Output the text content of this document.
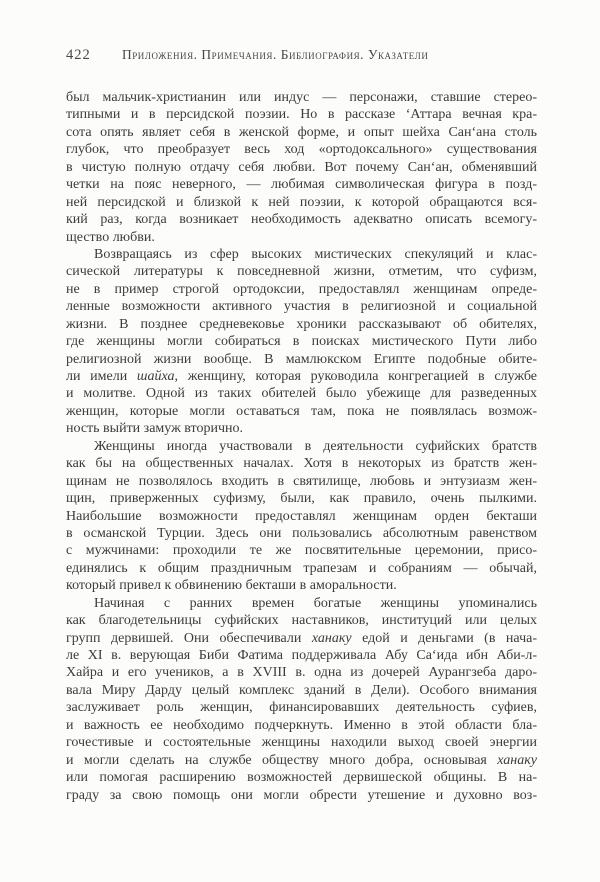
422	Приложения. Примечания. Библиография. Указатели
был мальчик-христианин или индус — персонажи, ставшие стерео-
типными и в персидской поэзии. Но в рассказе ‘Аттара вечная кра-
сота опять являет себя в женской форме, и опыт шейха Сан‘ана столь
глубок, что преобразует весь ход «ортодоксального» существования
в чистую полную отдачу себя любви. Вот почему Сан‘ан, обменявший
четки на пояс неверного, — любимая символическая фигура в позд-
ней персидской и близкой к ней поэзии, к которой обращаются вся-
кий раз, когда возникает необходимость адекватно описать всемогу-
щество любви.
Возвращаясь из сфер высоких мистических спекуляций и клас-
сической литературы к повседневной жизни, отметим, что суфизм,
не в пример строгой ортодоксии, предоставлял женщинам опреде-
ленные возможности активного участия в религиозной и социальной
жизни. В позднее средневековье хроники рассказывают об обителях,
где женщины могли собираться в поисках мистического Пути либо
религиозной жизни вообще. В мамлюкском Египте подобные обите-
ли имели шайха, женщину, которая руководила конгрегацией в службе
и молитве. Одной из таких обителей было убежище для разведенных
женщин, которые могли оставаться там, пока не появлялась возмож-
ность выйти замуж вторично.
Женщины иногда участвовали в деятельности суфийских братств
как бы на общественных началах. Хотя в некоторых из братств жен-
щинам не позволялось входить в святилище, любовь и энтузиазм жен-
щин, приверженных суфизму, были, как правило, очень пылкими.
Наибольшие возможности предоставлял женщинам орден бекташи
в османской Турции. Здесь они пользовались абсолютным равенством
с мужчинами: проходили те же посвятительные церемонии, присо-
единялись к общим праздничным трапезам и собраниям — обычай,
который привел к обвинению бекташи в аморальности.
Начиная с ранних времен богатые женщины упоминались
как благодетельницы суфийских наставников, институций или целых
групп дервишей. Они обеспечивали ханаку едой и деньгами (в нача-
ле XI в. верующая Биби Фатима поддерживала Абу Са‘ида ибн Аби-л-
Хайра и его учеников, а в XVIII в. одна из дочерей Аурангзеба даро-
вала Миру Дарду целый комплекс зданий в Дели). Особого внимания
заслуживает роль женщин, финансировавших деятельность суфиев,
и важность ее необходимо подчеркнуть. Именно в этой области бла-
гочестивые и состоятельные женщины находили выход своей энергии
и могли сделать на службе обществу много добра, основывая ханаку
или помогая расширению возможностей дервишеской общины. В на-
граду за свою помощь они могли обрести утешение и духовно воз-
